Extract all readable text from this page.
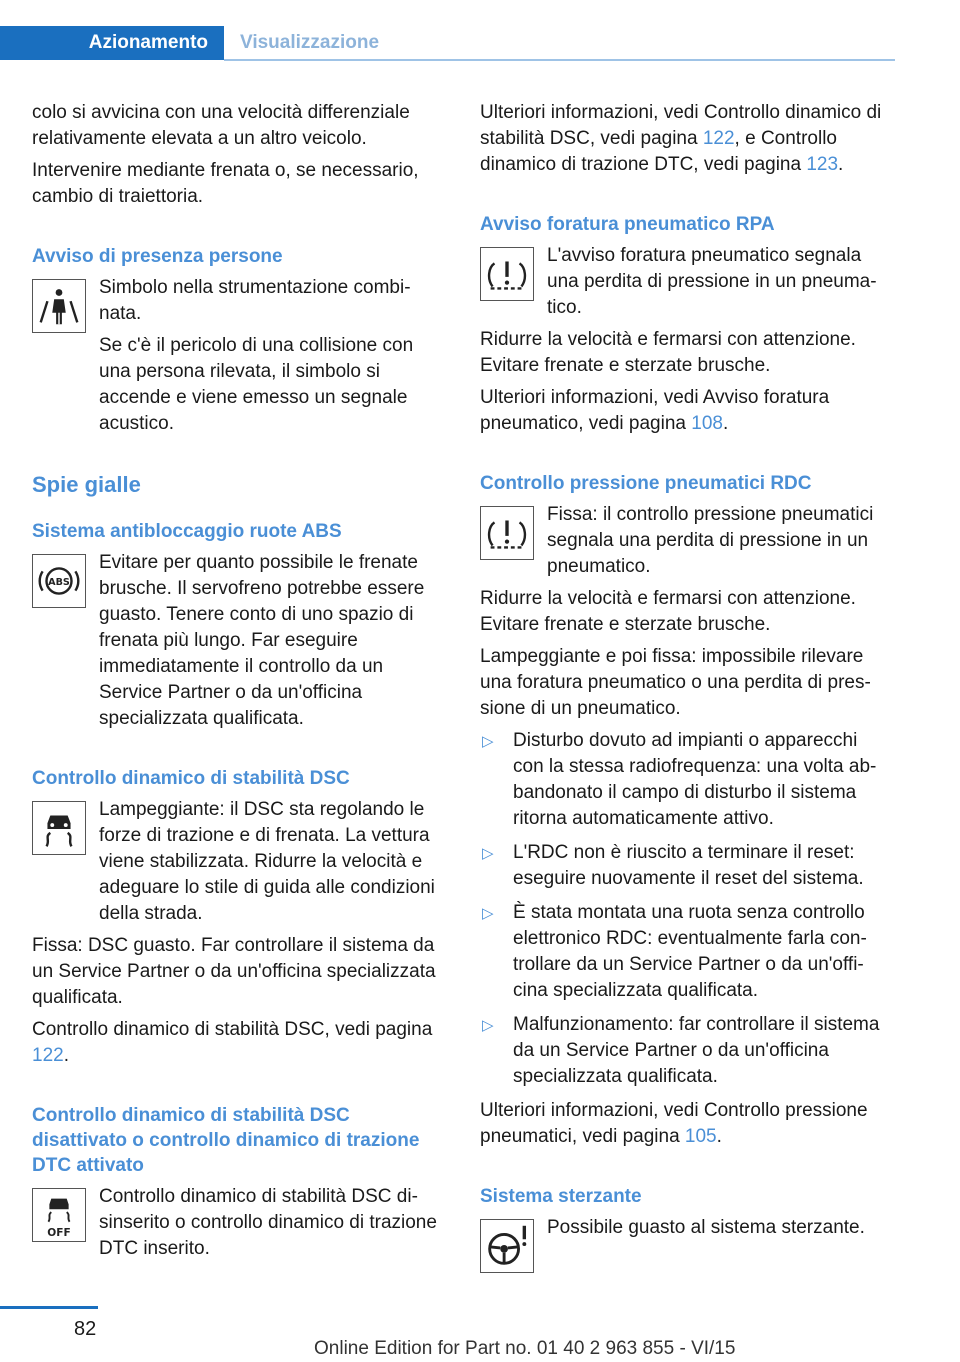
Azionamento	Visualizzazione

colo si avvicina con una velocità differenziale relativamente elevata a un altro veicolo.

Intervenire mediante frenata o, se necessario, cambio di traiettoria.

Avviso di presenza persone

Simbolo nella strumentazione combinata.

Se c'è il pericolo di una collisione con una persona rilevata, il simbolo si accende e viene emesso un segnale acustico.

Spie gialle
Sistema antibloccaggio ruote ABS
ABS

Evitare per quanto possibile le frenate brusche. Il servofreno potrebbe essere guasto. Tenere conto di uno spazio di frenata più lungo. Far eseguire immediatamente il controllo da un Service Partner o da un'officina specializzata qualificata.

Controllo dinamico di stabilità DSC

Lampeggiante: il DSC sta regolando le forze di trazione e di frenata. La vettura viene stabilizzata. Ridurre la velocità e adeguare lo stile di guida alle condizioni della strada.

Fissa: DSC guasto. Far controllare il sistema da un Service Partner o da un'officina specializzata qualificata.

Controllo dinamico di stabilità DSC, vedi pagina 122.

Controllo dinamico di stabilità DSC disattivato o controllo dinamico di trazione DTC attivato
OFF

Controllo dinamico di stabilità DSC disinserito o controllo dinamico di trazione DTC inserito.

Ulteriori informazioni, vedi Controllo dinamico di stabilità DSC, vedi pagina 122, e Controllo dinamico di trazione DTC, vedi pagina 123.

Avviso foratura pneumatico RPA

L'avviso foratura pneumatico segnala una perdita di pressione in un pneumatico.

Ridurre la velocità e fermarsi con attenzione. Evitare frenate e sterzate brusche.

Ulteriori informazioni, vedi Avviso foratura pneumatico, vedi pagina 108.

Controllo pressione pneumatici RDC

Fissa: il controllo pressione pneumatici segnala una perdita di pressione in un pneumatico.

Ridurre la velocità e fermarsi con attenzione. Evitare frenate e sterzate brusche.

Lampeggiante e poi fissa: impossibile rilevare una foratura pneumatico o una perdita di pressione di un pneumatico.

▷ Disturbo dovuto ad impianti o apparecchi con la stessa radiofrequenza: una volta abbandonato il campo di disturbo il sistema ritorna automaticamente attivo.
▷ L'RDC non è riuscito a terminare il reset: eseguire nuovamente il reset del sistema.
▷ È stata montata una ruota senza controllo elettronico RDC: eventualmente farla controllare da un Service Partner o da un'officina specializzata qualificata.
▷ Malfunzionamento: far controllare il sistema da un Service Partner o da un'officina specializzata qualificata.

Ulteriori informazioni, vedi Controllo pressione pneumatici, vedi pagina 105.

Sistema sterzante

Possibile guasto al sistema sterzante.

82
Online Edition for Part no. 01 40 2 963 855 - VI/15
